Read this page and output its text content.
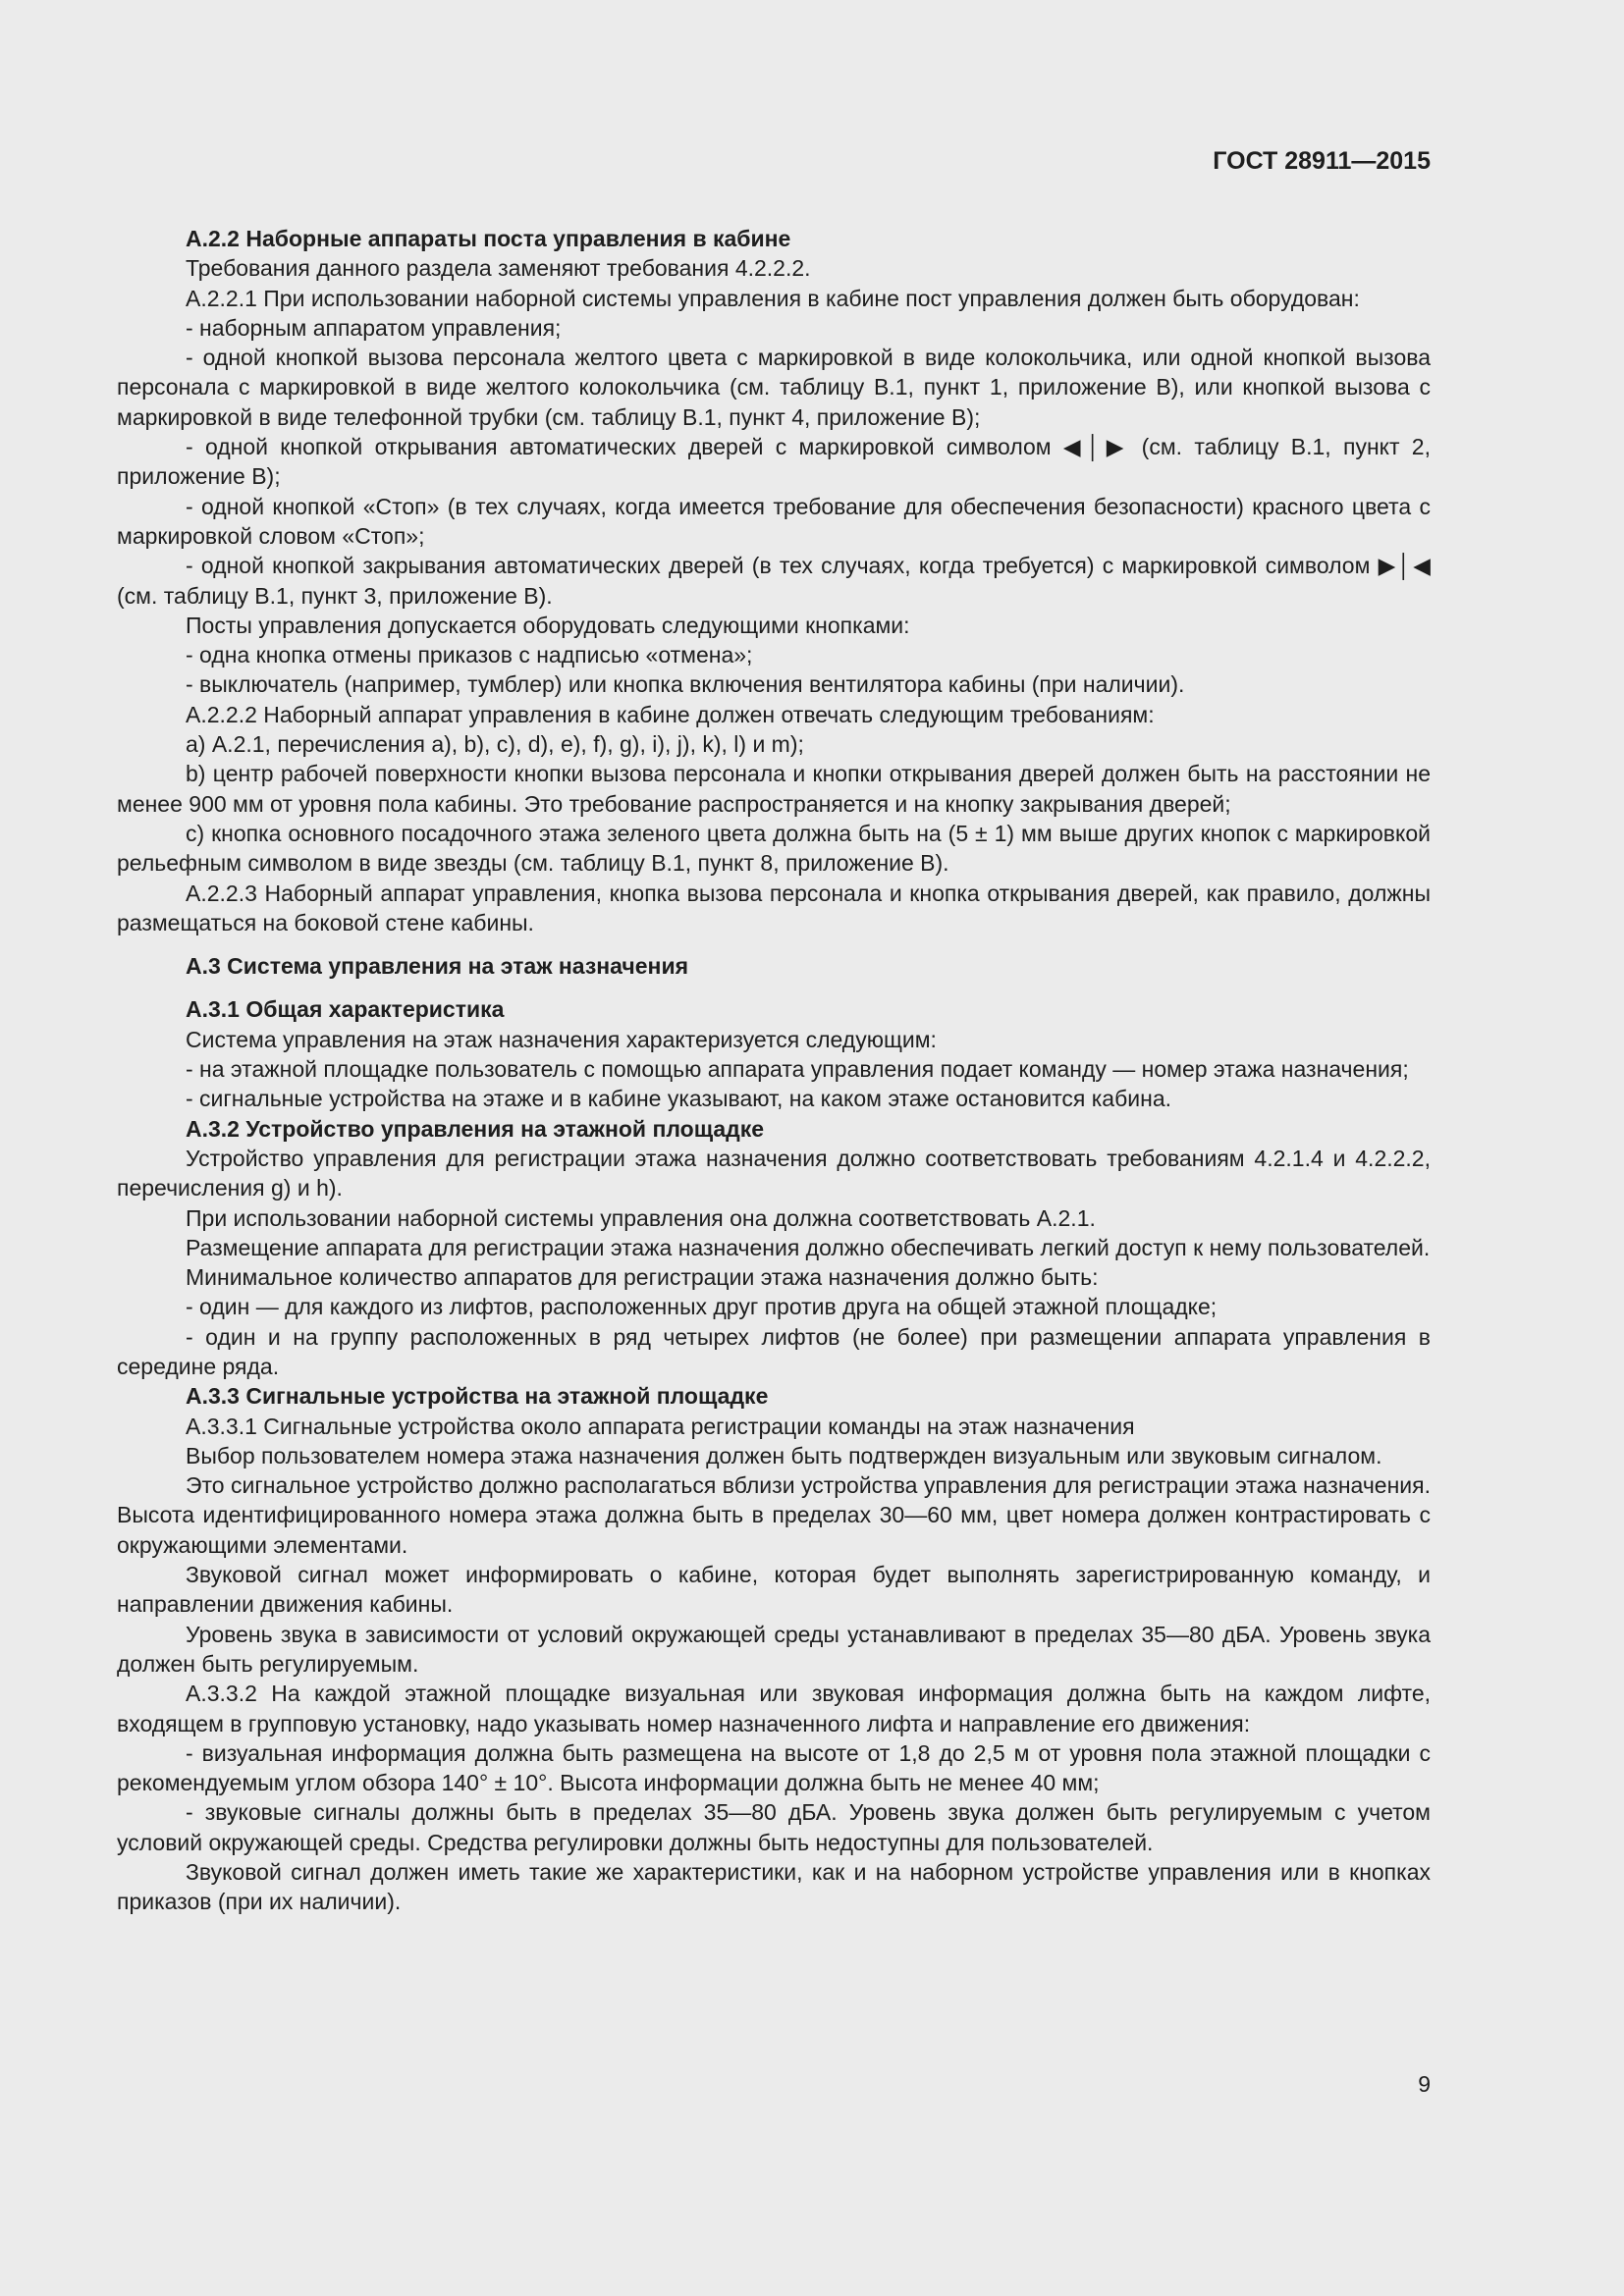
ГОСТ 28911—2015

А.2.2 Наборные аппараты поста управления в кабине

Требования данного раздела заменяют требования 4.2.2.2.

А.2.2.1 При использовании наборной системы управления в кабине пост управления должен быть оборудован:

- наборным аппаратом управления;

- одной кнопкой вызова персонала желтого цвета с маркировкой в виде колокольчика, или одной кнопкой вызова персонала с маркировкой в виде желтого колокольчика (см. таблицу В.1, пункт 1, приложение В), или кнопкой вызова с маркировкой в виде телефонной трубки (см. таблицу В.1, пункт 4, приложение В);

- одной кнопкой открывания автоматических дверей с маркировкой символом ◀│▶ (см. таблицу В.1, пункт 2, приложение В);

- одной кнопкой «Стоп» (в тех случаях, когда имеется требование для обеспечения безопасности) красного цвета с маркировкой словом «Стоп»;

- одной кнопкой закрывания автоматических дверей (в тех случаях, когда требуется) с маркировкой символом ▶│◀ (см. таблицу В.1, пункт 3, приложение В).

Посты управления допускается оборудовать следующими кнопками:

- одна кнопка отмены приказов с надписью «отмена»;

- выключатель (например, тумблер) или кнопка включения вентилятора кабины (при наличии).

А.2.2.2 Наборный аппарат управления в кабине должен отвечать следующим требованиям:

а) А.2.1, перечисления а), b), с), d), е), f), g), i), j), k), l) и m);

b) центр рабочей поверхности кнопки вызова персонала и кнопки открывания дверей должен быть на расстоянии не менее 900 мм от уровня пола кабины. Это требование распространяется и на кнопку закрывания дверей;

с) кнопка основного посадочного этажа зеленого цвета должна быть на (5 ± 1) мм выше других кнопок с маркировкой рельефным символом в виде звезды (см. таблицу В.1, пункт 8, приложение В).

А.2.2.3 Наборный аппарат управления, кнопка вызова персонала и кнопка открывания дверей, как правило, должны размещаться на боковой стене кабины.

А.3 Система управления на этаж назначения

А.3.1 Общая характеристика

Система управления на этаж назначения характеризуется следующим:

- на этажной площадке пользователь с помощью аппарата управления подает команду — номер этажа назначения;

- сигнальные устройства на этаже и в кабине указывают, на каком этаже остановится кабина.

А.3.2 Устройство управления на этажной площадке

Устройство управления для регистрации этажа назначения должно соответствовать требованиям 4.2.1.4 и 4.2.2.2, перечисления g) и h).

При использовании наборной системы управления она должна соответствовать А.2.1.

Размещение аппарата для регистрации этажа назначения должно обеспечивать легкий доступ к нему пользователей.

Минимальное количество аппаратов для регистрации этажа назначения должно быть:

- один — для каждого из лифтов, расположенных друг против друга на общей этажной площадке;

- один и на группу расположенных в ряд четырех лифтов (не более) при размещении аппарата управления в середине ряда.

А.3.3 Сигнальные устройства на этажной площадке

А.3.3.1 Сигнальные устройства около аппарата регистрации команды на этаж назначения

Выбор пользователем номера этажа назначения должен быть подтвержден визуальным или звуковым сигналом.

Это сигнальное устройство должно располагаться вблизи устройства управления для регистрации этажа назначения. Высота идентифицированного номера этажа должна быть в пределах 30—60 мм, цвет номера должен контрастировать с окружающими элементами.

Звуковой сигнал может информировать о кабине, которая будет выполнять зарегистрированную команду, и направлении движения кабины.

Уровень звука в зависимости от условий окружающей среды устанавливают в пределах 35—80 дБА. Уровень звука должен быть регулируемым.

А.3.3.2 На каждой этажной площадке визуальная или звуковая информация должна быть на каждом лифте, входящем в групповую установку, надо указывать номер назначенного лифта и направление его движения:

- визуальная информация должна быть размещена на высоте от 1,8 до 2,5 м от уровня пола этажной площадки с рекомендуемым углом обзора 140° ± 10°. Высота информации должна быть не менее 40 мм;

- звуковые сигналы должны быть в пределах 35—80 дБА. Уровень звука должен быть регулируемым с учетом условий окружающей среды. Средства регулировки должны быть недоступны для пользователей.

Звуковой сигнал должен иметь такие же характеристики, как и на наборном устройстве управления или в кнопках приказов (при их наличии).

9
